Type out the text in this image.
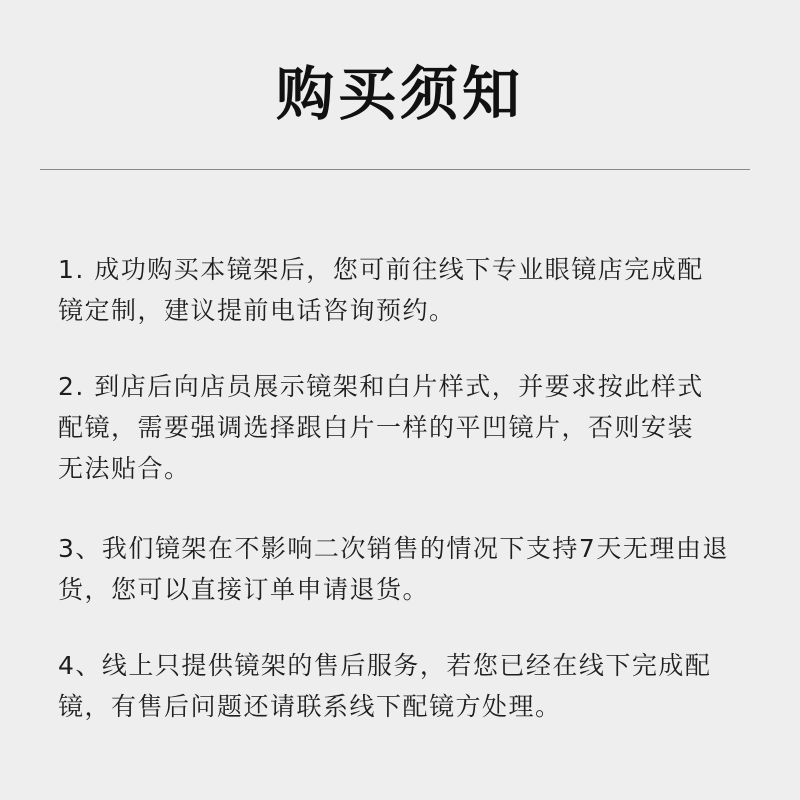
购买须知

1. 成功购买本镜架后，您可前往线下专业眼镜店完成配

镜定制，建议提前电话咨询预约。

2. 到店后向店员展示镜架和白片样式，并要求按此样式

配镜，需要强调选择跟白片一样的平凹镜片，否则安装

无法贴合。

3、我们镜架在不影响二次销售的情况下支持7天无理由退

货，您可以直接订单申请退货。

4、线上只提供镜架的售后服务，若您已经在线下完成配

镜，有售后问题还请联系线下配镜方处理。
